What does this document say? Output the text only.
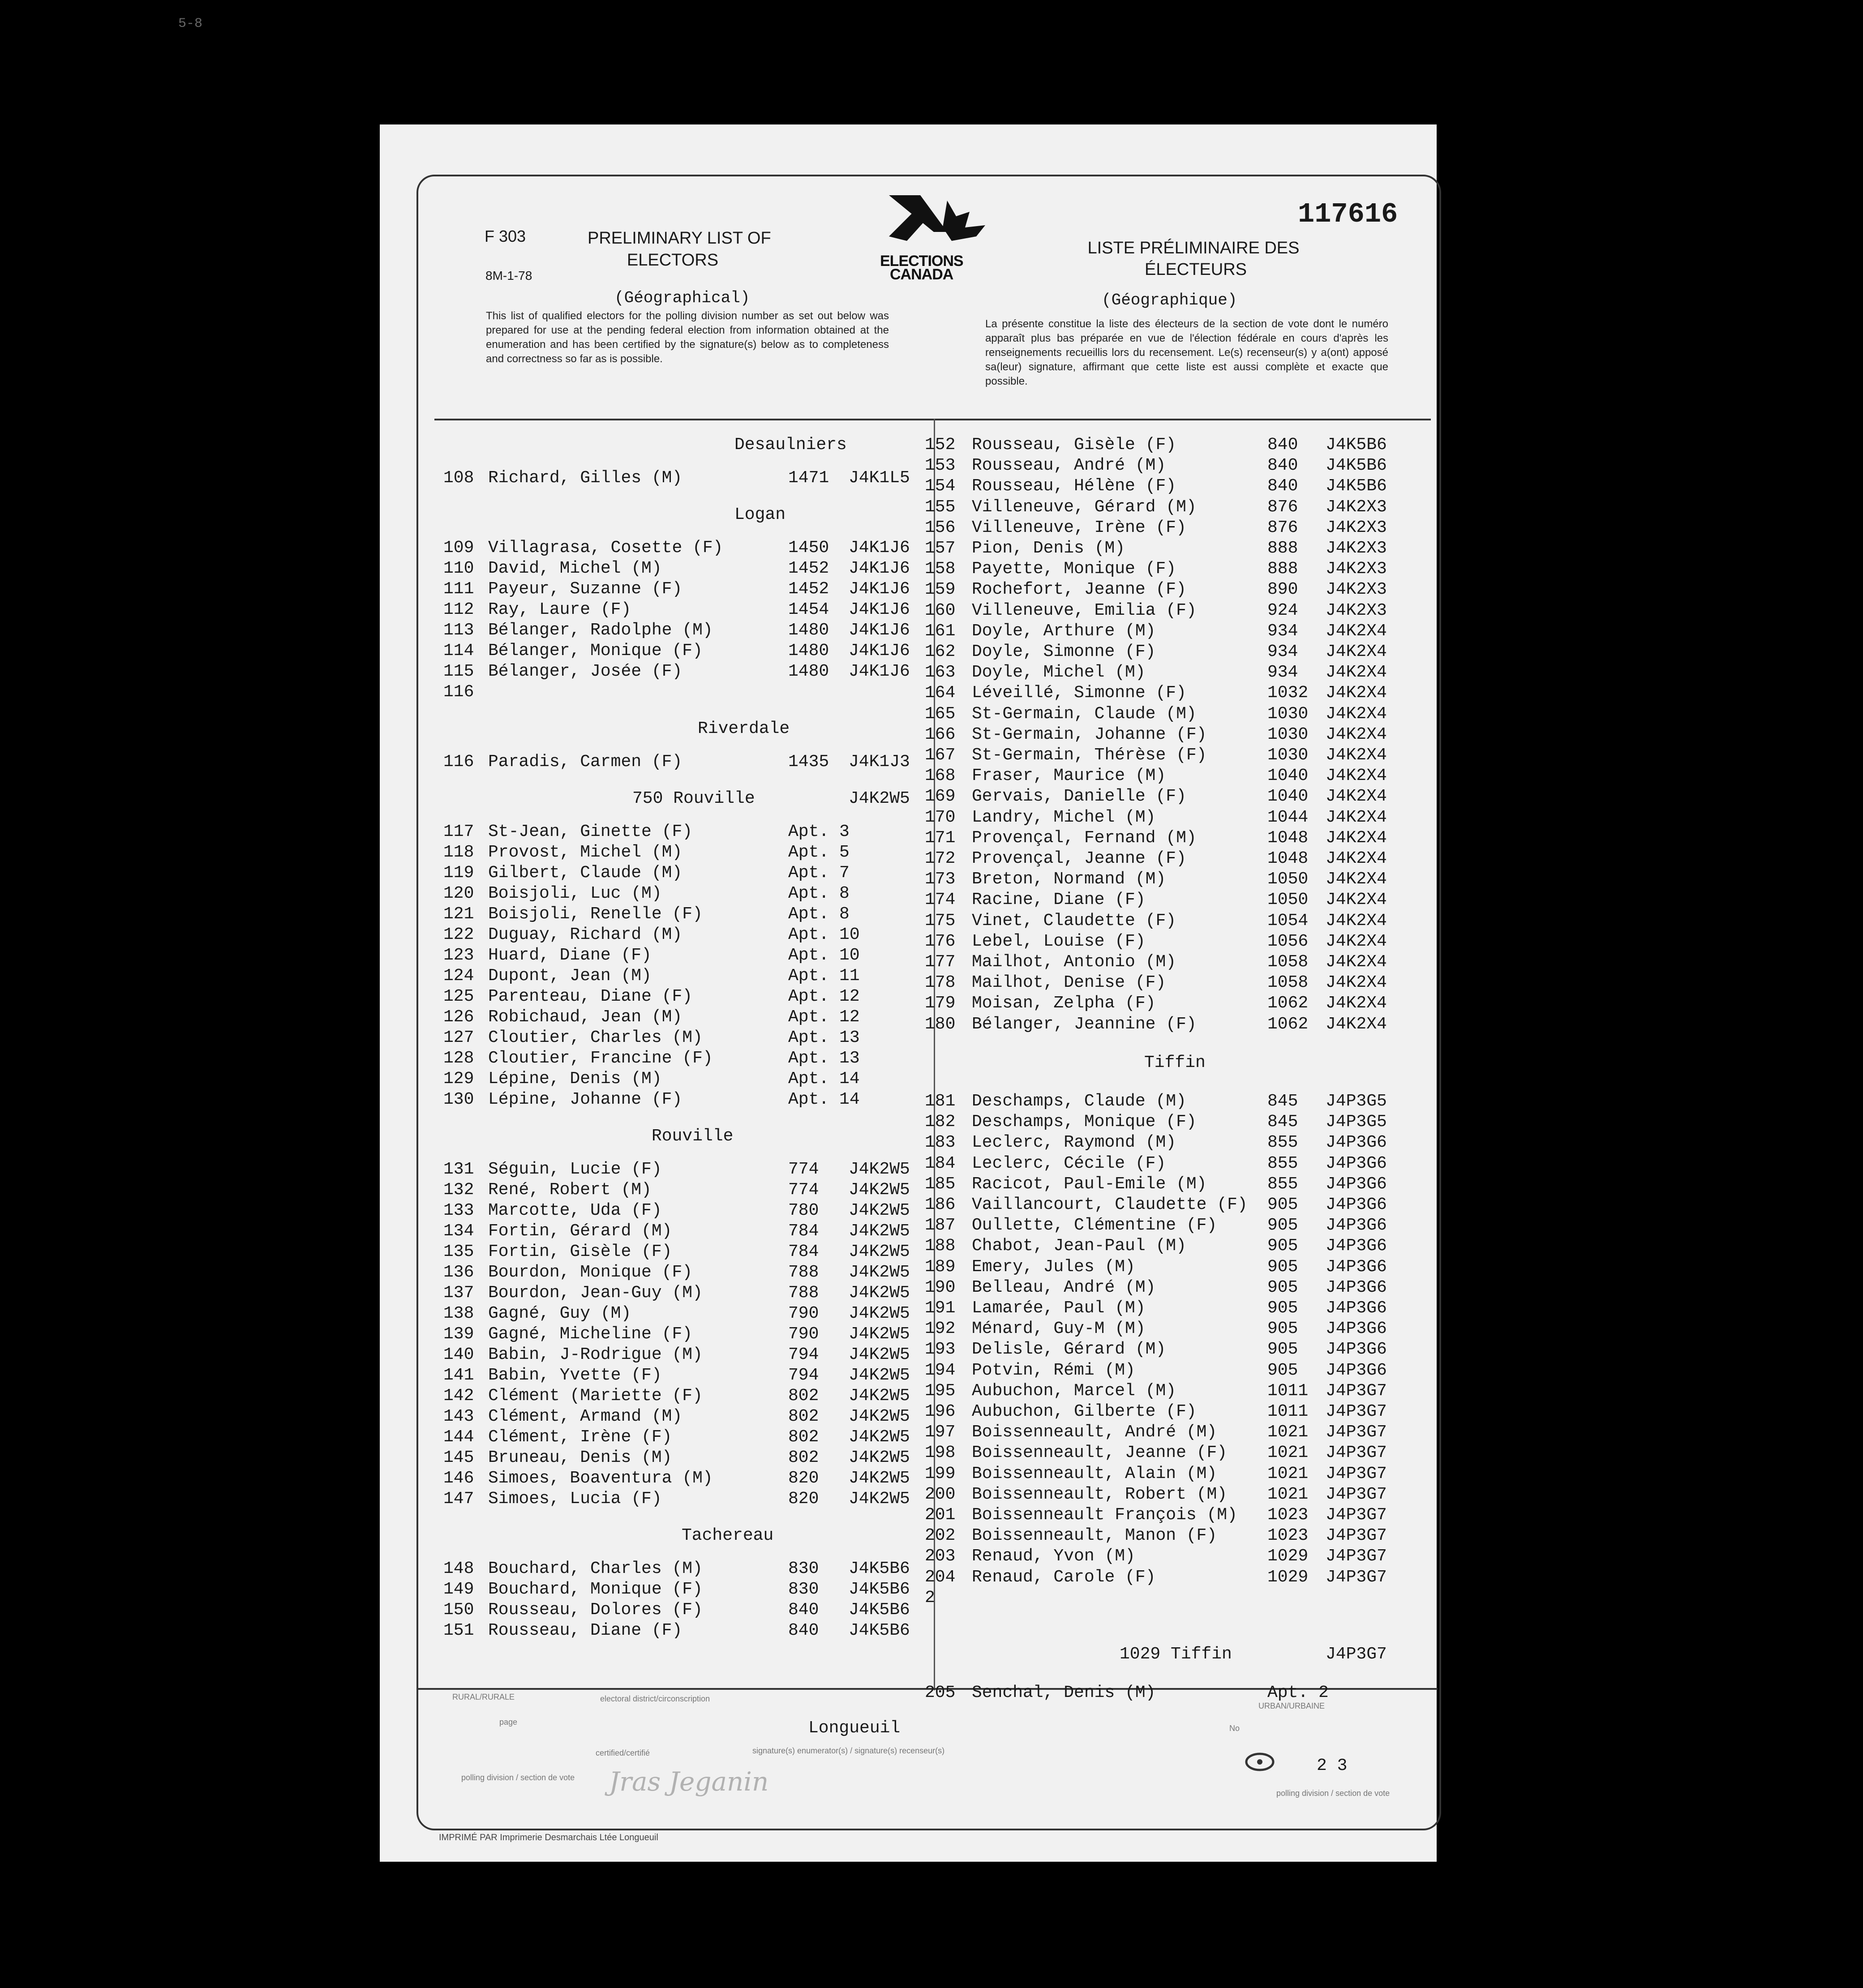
5-8
F 303
8M-1-78
PRELIMINARY LIST OF
ELECTORS
(Géographical)
This list of qualified electors for the polling division number as set out below was prepared for use at the pending federal election from information obtained at the enumeration and has been certified by the signature(s) below as to completeness and correctness so far as is possible.
ELECTIONS
CANADA
117616
LISTE PRÉLIMINAIRE DES
ÉLECTEURS
(Géographique)
La présente constitue la liste des électeurs de la section de vote dont le numéro apparaît plus bas préparée en vue de l'élection fédérale en cours d'après les renseignements recueillis lors du recensement. Le(s) recenseur(s) y a(ont) apposé sa(leur) signature, affirmant que cette liste est aussi complète et exacte que possible.
Desaulniers
108 Richard, Gilles (M)	1471 J4K1L5
Logan
109 Villagrasa, Cosette (F)	1450 J4K1J6
110 David, Michel (M)	1452 J4K1J6
111 Payeur, Suzanne (F)	1452 J4K1J6
112 Ray, Laure (F)	1454 J4K1J6
113 Bélanger, Radolphe (M)	1480 J4K1J6
114 Bélanger, Monique (F)	1480 J4K1J6
115 Bélanger, Josée (F)	1480 J4K1J6
116
Riverdale
116 Paradis, Carmen (F)	1435 J4K1J3
750 Rouville	J4K2W5
117 St-Jean, Ginette (F)	Apt. 3
118 Provost, Michel (M)	Apt. 5
119 Gilbert, Claude (M)	Apt. 7
120 Boisjoli, Luc (M)	Apt. 8
121 Boisjoli, Renelle (F)	Apt. 8
122 Duguay, Richard (M)	Apt. 10
123 Huard, Diane (F)	Apt. 10
124 Dupont, Jean (M)	Apt. 11
125 Parenteau, Diane (F)	Apt. 12
126 Robichaud, Jean (M)	Apt. 12
127 Cloutier, Charles (M)	Apt. 13
128 Cloutier, Francine (F)	Apt. 13
129 Lépine, Denis (M)	Apt. 14
130 Lépine, Johanne (F)	Apt. 14
Rouville
131 Séguin, Lucie (F)	774 J4K2W5
132 René, Robert (M)	774 J4K2W5
133 Marcotte, Uda (F)	780 J4K2W5
134 Fortin, Gérard (M)	784 J4K2W5
135 Fortin, Gisèle (F)	784 J4K2W5
136 Bourdon, Monique (F)	788 J4K2W5
137 Bourdon, Jean-Guy (M)	788 J4K2W5
138 Gagné, Guy (M)	790 J4K2W5
139 Gagné, Micheline (F)	790 J4K2W5
140 Babin, J-Rodrigue (M)	794 J4K2W5
141 Babin, Yvette (F)	794 J4K2W5
142 Clément (Mariette (F)	802 J4K2W5
143 Clément, Armand (M)	802 J4K2W5
144 Clément, Irène (F)	802 J4K2W5
145 Bruneau, Denis (M)	802 J4K2W5
146 Simoes, Boaventura (M)	820 J4K2W5
147 Simoes, Lucia (F)	820 J4K2W5
Tachereau
148 Bouchard, Charles (M)	830 J4K5B6
149 Bouchard, Monique (F)	830 J4K5B6
150 Rousseau, Dolores (F)	840 J4K5B6
151 Rousseau, Diane (F)	840 J4K5B6
152 Rousseau, Gisèle (F)	840 J4K5B6
153 Rousseau, André (M)	840 J4K5B6
154 Rousseau, Hélène (F)	840 J4K5B6
155 Villeneuve, Gérard (M)	876 J4K2X3
156 Villeneuve, Irène (F)	876 J4K2X3
157 Pion, Denis (M)	888 J4K2X3
158 Payette, Monique (F)	888 J4K2X3
159 Rochefort, Jeanne (F)	890 J4K2X3
160 Villeneuve, Emilia (F)	924 J4K2X3
161 Doyle, Arthure (M)	934 J4K2X4
162 Doyle, Simonne (F)	934 J4K2X4
163 Doyle, Michel (M)	934 J4K2X4
164 Léveillé, Simonne (F)	1032 J4K2X4
165 St-Germain, Claude (M)	1030 J4K2X4
166 St-Germain, Johanne (F)	1030 J4K2X4
167 St-Germain, Thérèse (F)	1030 J4K2X4
168 Fraser, Maurice (M)	1040 J4K2X4
169 Gervais, Danielle (F)	1040 J4K2X4
170 Landry, Michel (M)	1044 J4K2X4
171 Provençal, Fernand (M)	1048 J4K2X4
172 Provençal, Jeanne (F)	1048 J4K2X4
173 Breton, Normand (M)	1050 J4K2X4
174 Racine, Diane (F)	1050 J4K2X4
175 Vinet, Claudette (F)	1054 J4K2X4
176 Lebel, Louise (F)	1056 J4K2X4
177 Mailhot, Antonio (M)	1058 J4K2X4
178 Mailhot, Denise (F)	1058 J4K2X4
179 Moisan, Zelpha (F)	1062 J4K2X4
180 Bélanger, Jeannine (F)	1062 J4K2X4
Tiffin
181 Deschamps, Claude (M)	845 J4P3G5
182 Deschamps, Monique (F)	845 J4P3G5
183 Leclerc, Raymond (M)	855 J4P3G6
184 Leclerc, Cécile (F)	855 J4P3G6
185 Racicot, Paul-Emile (M)	855 J4P3G6
186 Vaillancourt, Claudette (F) 905 J4P3G6
187 Oullette, Clémentine (F)	905 J4P3G6
188 Chabot, Jean-Paul (M)	905 J4P3G6
189 Emery, Jules (M)	905 J4P3G6
190 Belleau, André (M)	905 J4P3G6
191 Lamarée, Paul (M)	905 J4P3G6
192 Ménard, Guy-M (M)	905 J4P3G6
193 Delisle, Gérard (M)	905 J4P3G6
194 Potvin, Rémi (M)	905 J4P3G6
195 Aubuchon, Marcel (M)	1011 J4P3G7
196 Aubuchon, Gilberte (F)	1011 J4P3G7
197 Boissenneault, André (M)	1021 J4P3G7
198 Boissenneault, Jeanne (F) 1021 J4P3G7
199 Boissenneault, Alain (M)	1021 J4P3G7
200 Boissenneault, Robert (M) 1021 J4P3G7
201 Boissenneault François (M) 1023 J4P3G7
202 Boissenneault, Manon (F)	1023 J4P3G7
203 Renaud, Yvon (M)	1029 J4P3G7
204 Renaud, Carole (F)	1029 J4P3G7
2
1029 Tiffin	J4P3G7
205 Senchal, Denis (M)	Apt. 2
RURAL/RURALE
URBAN/URBAINE
electoral district/circonscription
Longueuil
page
No
certified/certifié	signature(s) enumerator(s) / signature(s) recenseur(s)
polling division / section de vote
polling division / section de vote
2 3
Jras Jeganin
IMPRIMÉ PAR Imprimerie Desmarchais Ltée Longueuil
